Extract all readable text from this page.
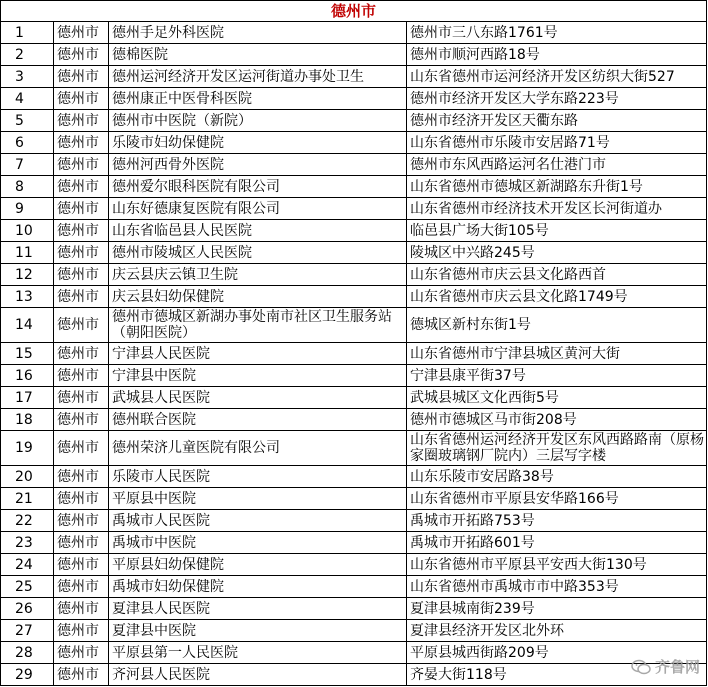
德州市			
1	德州市	德州手足外科医院	德州市三八东路1761号
2	德州市	德棉医院	德州市顺河西路18号
3	德州市	德州运河经济开发区运河街道办事处卫生	山东省德州市运河经济开发区纺织大街527
4	德州市	德州康正中医骨科医院	德州市经济开发区大学东路223号
5	德州市	德州市中医院（新院）	德州市经济开发区天衢东路
6	德州市	乐陵市妇幼保健院	山东省德州市乐陵市安居路71号
7	德州市	德州河西骨外医院	德州市东风西路运河名仕港门市
8	德州市	德州爱尔眼科医院有限公司	山东省德州市德城区新湖路东升街1号
9	德州市	山东好德康复医院有限公司	山东省德州市经济技术开发区长河街道办
10	德州市	山东省临邑县人民医院	临邑县广场大街105号
11	德州市	德州市陵城区人民医院	陵城区中兴路245号
12	德州市	庆云县庆云镇卫生院	山东省德州市庆云县文化路西首
13	德州市	庆云县妇幼保健院	山东省德州市庆云县文化路1749号
14	德州市	德州市德城区新湖办事处南市社区卫生服务站（朝阳医院）	德城区新村东街1号
15	德州市	宁津县人民医院	山东省德州市宁津县城区黄河大街
16	德州市	宁津县中医院	宁津县康平街37号
17	德州市	武城县人民医院	武城县城区文化西街5号
18	德州市	德州联合医院	德州市德城区马市街208号
19	德州市	德州荣济儿童医院有限公司	山东省德州运河经济开发区东风西路路南（原杨家圈玻璃钢厂院内）三层写字楼
20	德州市	乐陵市人民医院	山东乐陵市安居路38号
21	德州市	平原县中医院	山东省德州市平原县安华路166号
22	德州市	禹城市人民医院	禹城市开拓路753号
23	德州市	禹城市中医院	禹城市开拓路601号
24	德州市	平原县妇幼保健院	山东省德州市平原县平安西大街130号
25	德州市	禹城市妇幼保健院	山东省德州市禹城市市中路353号
26	德州市	夏津县人民医院	夏津县城南街239号
27	德州市	夏津县中医院	夏津县经济开发区北外环
28	德州市	平原县第一人民医院	平原县城西街路209号
29	德州市	齐河县人民医院	齐晏大街118号	齐鲁网
